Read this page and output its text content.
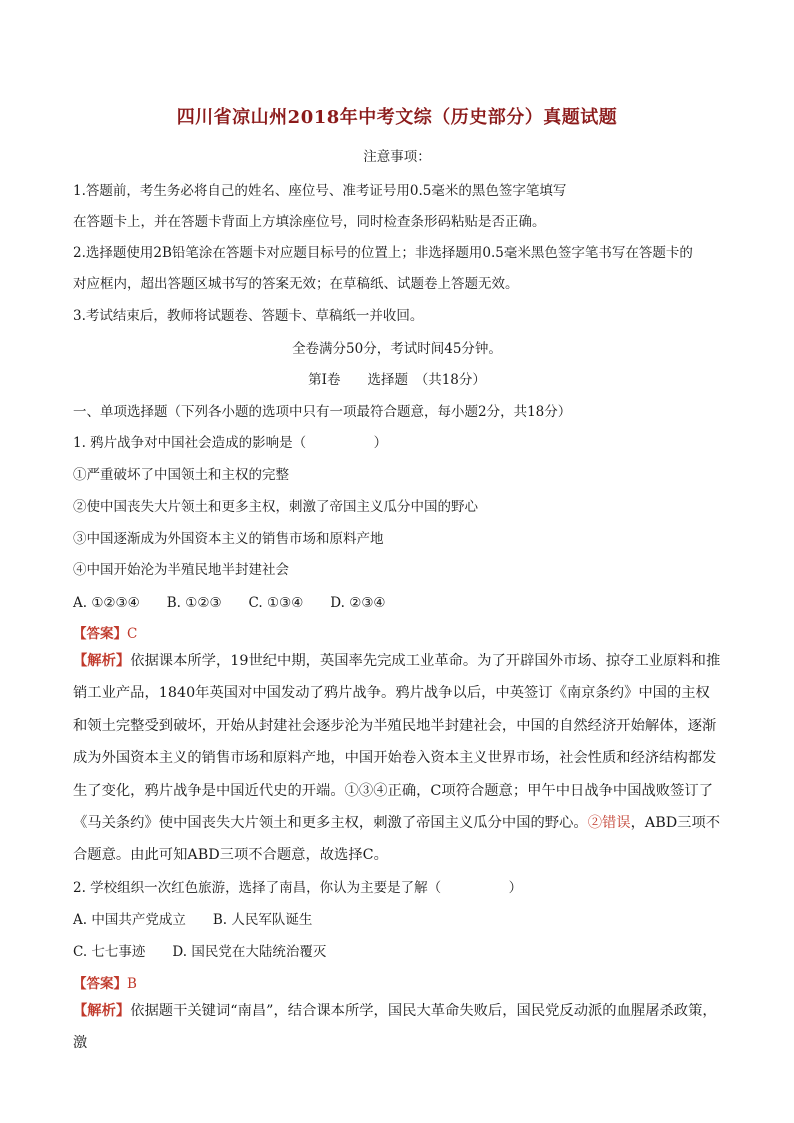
四川省凉山州2018年中考文综（历史部分）真题试题
注意事项：
1.答题前，考生务必将自己的姓名、座位号、准考证号用0.5毫米的黑色签字笔填写
在答题卡上，并在答题卡背面上方填涂座位号，同时检查条形码粘贴是否正确。
2.选择题使用2B铅笔涂在答题卡对应题目标号的位置上；非选择题用0.5毫米黑色签字笔书写在答题卡的
对应框内，超出答题区城书写的答案无效；在草稿纸、试题卷上答题无效。
3.考试结束后，教师将试题卷、答题卡、草稿纸一并收回。
全卷满分50分，考试时间45分钟。
第Ⅰ卷　　选择题　（共18分）
一、单项选择题（下列各小题的选项中只有一项最符合题意，每小题2分，共18分）
1. 鸦片战争对中国社会造成的影响是（　　　　　）
①严重破坏了中国领土和主权的完整
②使中国丧失大片领土和更多主权，刺激了帝国主义瓜分中国的野心
③中国逐渐成为外国资本主义的销售市场和原料产地
④中国开始沦为半殖民地半封建社会
A. ①②③④　　B. ①②③　　C. ①③④　　D. ②③④
【答案】C
【解析】依据课本所学，19世纪中期，英国率先完成工业革命。为了开辟国外市场、掠夺工业原料和推销工业产品，1840年英国对中国发动了鸦片战争。鸦片战争以后，中英签订《南京条约》中国的主权和领土完整受到破坏，开始从封建社会逐步沦为半殖民地半封建社会，中国的自然经济开始解体，逐渐成为外国资本主义的销售市场和原料产地，中国开始卷入资本主义世界市场，社会性质和经济结构都发生了变化，鸦片战争是中国近代史的开端。①③④正确，C项符合题意；甲午中日战争中国战败签订了《马关条约》使中国丧失大片领土和更多主权，刺激了帝国主义瓜分中国的野心。②错误，ABD三项不合题意。由此可知ABD三项不合题意，故选择C。
2. 学校组织一次红色旅游，选择了南昌，你认为主要是了解（　　　　　）
A. 中国共产党成立　　B. 人民军队诞生
C. 七七事迹　　D. 国民党在大陆统治覆灭
【答案】B
【解析】依据题干关键词“南昌”，结合课本所学，国民大革命失败后，国民党反动派的血腥屠杀政策，激
